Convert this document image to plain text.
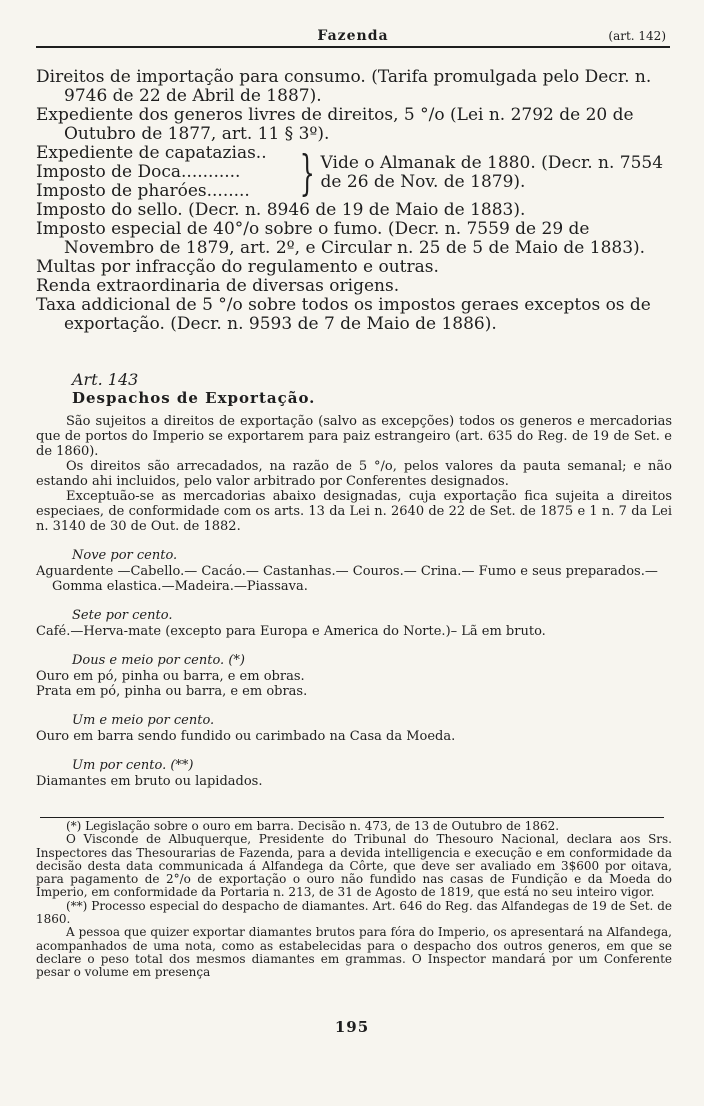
Fazenda	(art. 142)

Direitos de importação para consumo. (Tarifa promulgada pelo Decr. n. 9746 de 22 de Abril de 1887).

Expediente dos generos livres de direitos, 5 °/o (Lei n. 2792 de 20 de Outubro de 1877, art. 11 § 3º).

Expediente de capatazias..
Imposto de Doca...........
Imposto de pharóes........	} Vide o Almanak de 1880. (Decr. n. 7554 de 26 de Nov. de 1879).

Imposto do sello. (Decr. n. 8946 de 19 de Maio de 1883).

Imposto especial de 40°/o sobre o fumo. (Decr. n. 7559 de 29 de Novembro de 1879, art. 2º, e Circular n. 25 de 5 de Maio de 1883).

Multas por infracção do regulamento e outras.

Renda extraordinaria de diversas origens.

Taxa addicional de 5 °/o sobre todos os impostos geraes exceptos os de exportação. (Decr. n. 9593 de 7 de Maio de 1886).

Art. 143
Despachos de Exportação.

São sujeitos a direitos de exportação (salvo as excepções) todos os generos e mercadorias que de portos do Imperio se exportarem para paiz estrangeiro (art. 635 do Reg. de 19 de Set. e de 1860).

Os direitos são arrecadados, na razão de 5 °/o, pelos valores da pauta semanal; e não estando ahi incluidos, pelo valor arbitrado por Conferentes designados.

Exceptuão-se as mercadorias abaixo designadas, cuja exportação fica sujeita a direitos especiaes, de conformidade com os arts. 13 da Lei n. 2640 de 22 de Set. de 1875 e 1 n. 7 da Lei n. 3140 de 30 de Out. de 1882.

Nove por cento.
Aguardente —Cabello.— Cacáo.— Castanhas.— Couros.— Crina.— Fumo e seus preparados.—Gomma elastica.—Madeira.—Piassava.
Sete por cento.
Café.—Herva-mate (excepto para Europa e America do Norte.)– Lã em bruto.
Dous e meio por cento. (*)
Ouro em pó, pinha ou barra, e em obras.
Prata em pó, pinha ou barra, e em obras.
Um e meio por cento.
Ouro em barra sendo fundido ou carimbado na Casa da Moeda.
Um por cento. (**)
Diamantes em bruto ou lapidados.

(*) Legislação sobre o ouro em barra. Decisão n. 473, de 13 de Outubro de 1862.

O Visconde de Albuquerque, Presidente do Tribunal do Thesouro Nacional, declara aos Srs. Inspectores das Thesourarias de Fazenda, para a devida intelligencia e execução e em conformidade da decisão desta data communicada á Alfandega da Côrte, que deve ser avaliado em 3$600 por oitava, para pagamento de 2°/o de exportação o ouro não fundido nas casas de Fundição e da Moeda do Imperio, em conformidade da Portaria n. 213, de 31 de Agosto de 1819, que está no seu inteiro vigor.

(**) Processo especial do despacho de diamantes. Art. 646 do Reg. das Alfandegas de 19 de Set. de 1860.

A pessoa que quizer exportar diamantes brutos para fóra do Imperio, os apresentará na Alfandega, acompanhados de uma nota, como as estabelecidas para o despacho dos outros generos, em que se declare o peso total dos mesmos diamantes em grammas. O Inspector mandará por um Conferente pesar o volume em presença

195
